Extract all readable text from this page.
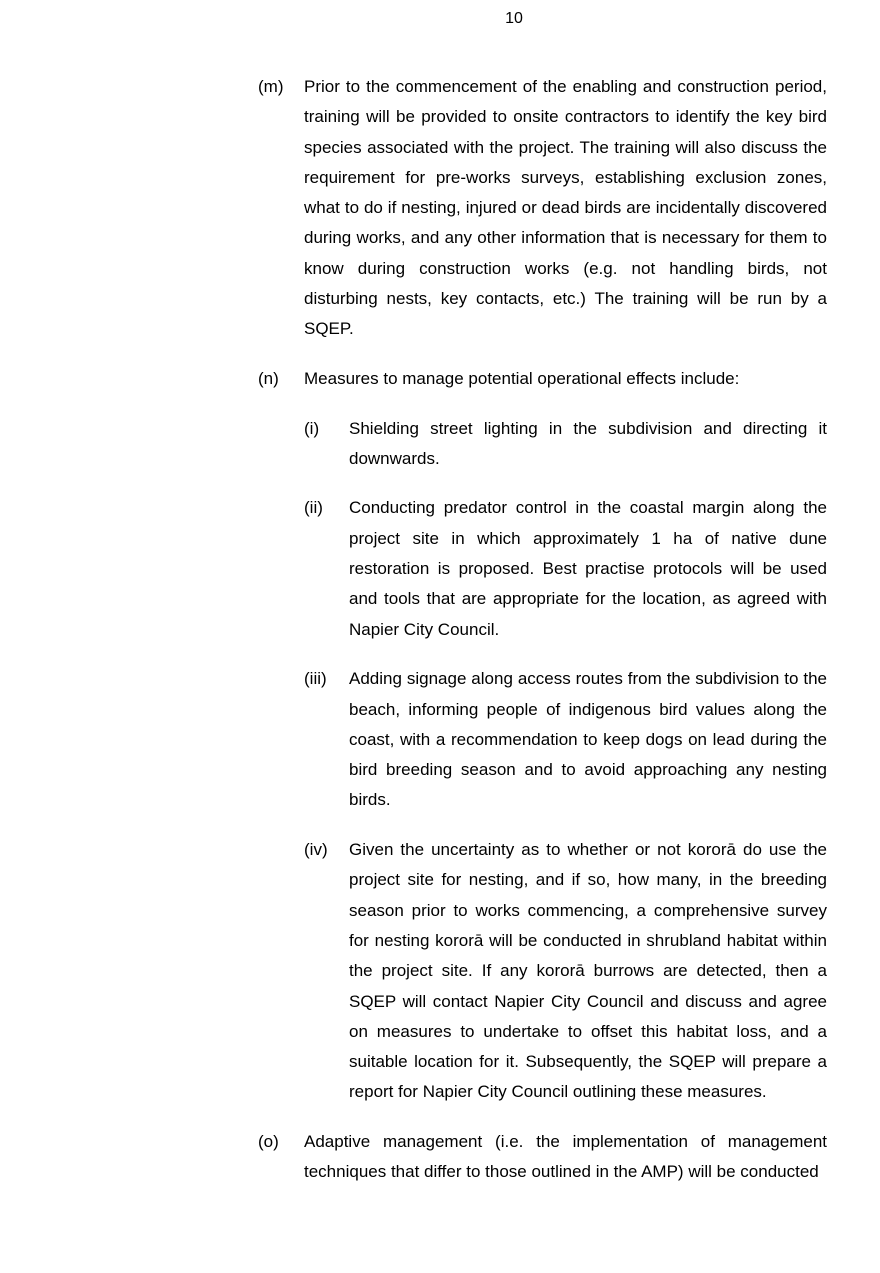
10
(m)	Prior to the commencement of the enabling and construction period, training will be provided to onsite contractors to identify the key bird species associated with the project. The training will also discuss the requirement for pre-works surveys, establishing exclusion zones, what to do if nesting, injured or dead birds are incidentally discovered during works, and any other information that is necessary for them to know during construction works (e.g. not handling birds, not disturbing nests, key contacts, etc.) The training will be run by a SQEP.
(n)	Measures to manage potential operational effects include:
(i)	Shielding street lighting in the subdivision and directing it downwards.
(ii)	Conducting predator control in the coastal margin along the project site in which approximately 1 ha of native dune restoration is proposed. Best practise protocols will be used and tools that are appropriate for the location, as agreed with Napier City Council.
(iii)	Adding signage along access routes from the subdivision to the beach, informing people of indigenous bird values along the coast, with a recommendation to keep dogs on lead during the bird breeding season and to avoid approaching any nesting birds.
(iv)	Given the uncertainty as to whether or not kororā do use the project site for nesting, and if so, how many, in the breeding season prior to works commencing, a comprehensive survey for nesting kororā will be conducted in shrubland habitat within the project site. If any kororā burrows are detected, then a SQEP will contact Napier City Council and discuss and agree on measures to undertake to offset this habitat loss, and a suitable location for it. Subsequently, the SQEP will prepare a report for Napier City Council outlining these measures.
(o)	Adaptive management (i.e. the implementation of management techniques that differ to those outlined in the AMP) will be conducted
